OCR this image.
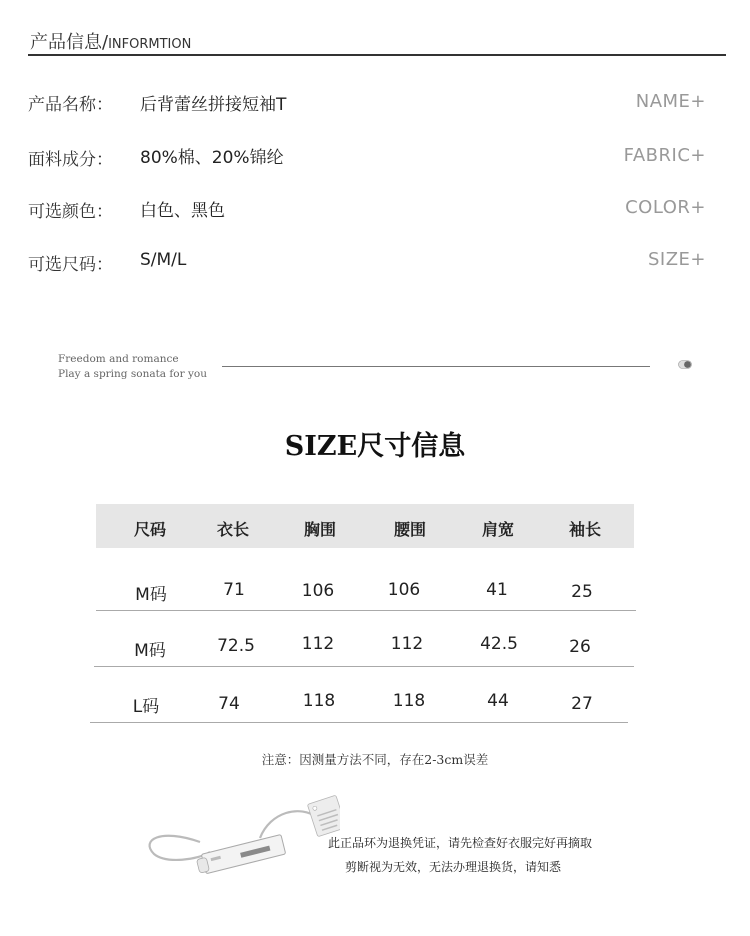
产品信息/INFORMTION
产品名称： 后背蕾丝拼接短袖T	NAME+
面料成分： 80%棉、20%锦纶	FABRIC+
可选颜色： 白色、黑色	COLOR+
可选尺码： S/M/L	SIZE+
Freedom and romance
Play a spring sonata for you
SIZE尺寸信息
尺码	衣长	胸围	腰围	肩宽	袖长
M码	71	106	106	41	25
M码	72.5	112	112	42.5	26
L码	74	118	118	44	27
注意：因测量方法不同，存在2-3cm误差
此正品环为退换凭证，请先检查好衣服完好再摘取
剪断视为无效，无法办理退换货，请知悉
